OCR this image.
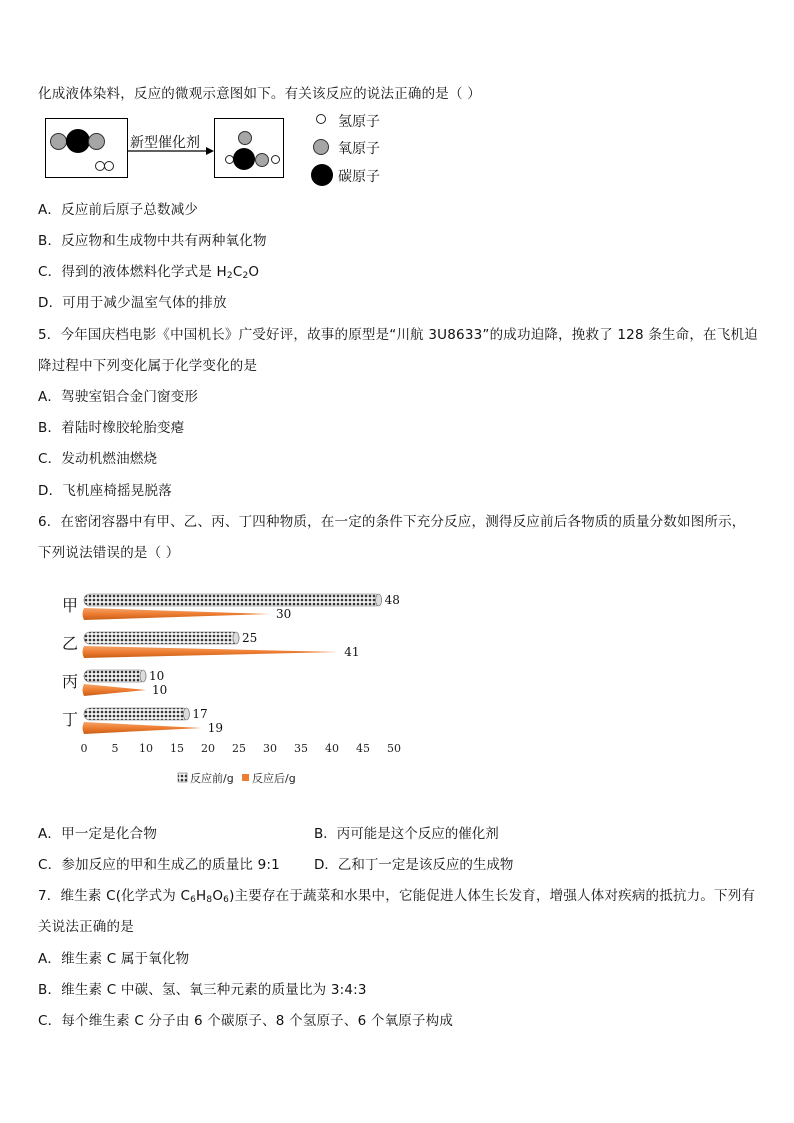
化成液体染料，反应的微观示意图如下。有关该反应的说法正确的是（ ）
新型催化剂
氢原子
氧原子
碳原子
A．反应前后原子总数减少
B．反应物和生成物中共有两种氧化物
C．得到的液体燃料化学式是 $H_2C_2O$
D．可用于减少温室气体的排放
5．今年国庆档电影《中国机长》广受好评，故事的原型是“川航 3U8633”的成功迫降，挽救了 128 条生命，在飞机迫
降过程中下列变化属于化学变化的是
A．驾驶室铝合金门窗变形
B．着陆时橡胶轮胎变瘪
C．发动机燃油燃烧
D．飞机座椅摇晃脱落
6．在密闭容器中有甲、乙、丙、丁四种物质，在一定的条件下充分反应，测得反应前后各物质的质量分数如图所示，
下列说法错误的是（ ）
甲	48
30
乙	25
41
丙	10
10
丁	17
19
0 5 10 15 20 25 30 35 40 45 50
反应前/g 反应后/g
A．甲一定是化合物	B．丙可能是这个反应的催化剂
C．参加反应的甲和生成乙的质量比 9:1	D．乙和丁一定是该反应的生成物
7．维生素 C(化学式为 $C_6H_8O_6$)主要存在于蔬菜和水果中，它能促进人体生长发育，增强人体对疾病的抵抗力。下列有
关说法正确的是
A．维生素 C 属于氧化物
B．维生素 C 中碳、氢、氧三种元素的质量比为 3:4:3
C．每个维生素 C 分子由 6 个碳原子、8 个氢原子、6 个氧原子构成
